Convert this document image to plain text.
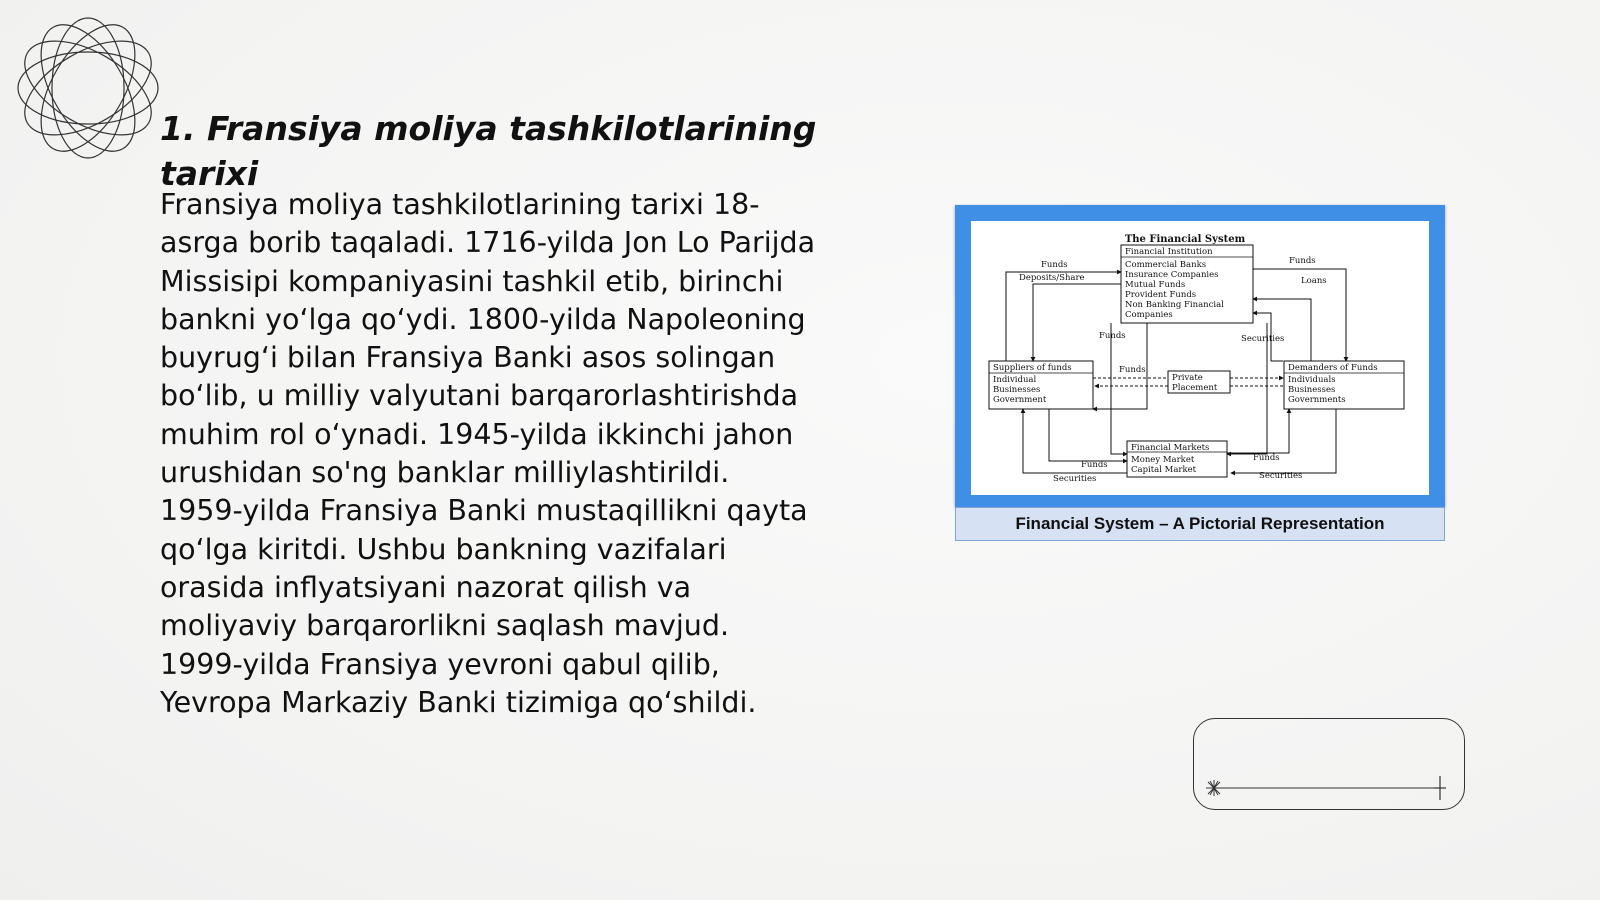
1. Fransiya moliya tashkilotlarining tarixi

Fransiya moliya tashkilotlarining tarixi 18-asrga borib taqaladi. 1716-yilda Jon Lo Parijda Missisipi kompaniyasini tashkil etib, birinchi bankni yo‘lga qo‘ydi. 1800-yilda Napoleoning buyrug‘i bilan Fransiya Banki asos solingan bo‘lib, u milliy valyutani barqarorlashtirishda muhim rol o‘ynadi. 1945-yilda ikkinchi jahon urushidan so'ng banklar milliylashtirildi. 1959-yilda Fransiya Banki mustaqillikni qayta qo‘lga kiritdi. Ushbu bankning vazifalari orasida inflyatsiyani nazorat qilish va moliyaviy barqarorlikni saqlash mavjud. 1999-yilda Fransiya yevroni qabul qilib, Yevropa Markaziy Banki tizimiga qo‘shildi.

The Financial System
Financial Institution
Commercial Banks
Insurance Companies
Mutual Funds
Provident Funds
Non Banking Financial
Companies
Suppliers of funds
Individual
Businesses
Government
Demanders of Funds
Individuals
Businesses
Governments
Private
Placement
Financial Markets
Money Market
Capital Market
Funds
Deposits/Share
Funds
Loans
Funds	Securities
Funds
Funds
Securities
Funds
Securities
Financial System – A Pictorial Representation
